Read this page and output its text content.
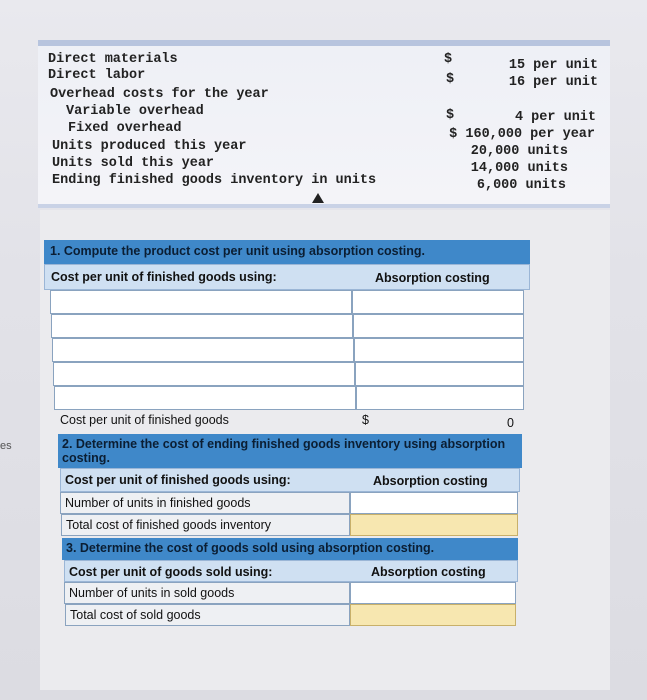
es
Direct materials	$	15 per unit
Direct labor	$	16 per unit
Overhead costs for the year
Variable overhead	$	4 per unit
Fixed overhead	$ 160,000 per year
Units produced this year	20,000 units
Units sold this year	14,000 units
Ending finished goods inventory in units	6,000 units
1. Compute the product cost per unit using absorption costing.
Cost per unit of finished goods using:	Absorption costing
Cost per unit of finished goods	$	0
2. Determine the cost of ending finished goods inventory using absorption costing.
Cost per unit of finished goods using:	Absorption costing
Number of units in finished goods
Total cost of finished goods inventory
3. Determine the cost of goods sold using absorption costing.
Cost per unit of goods sold using:	Absorption costing
Number of units in sold goods
Total cost of sold goods
